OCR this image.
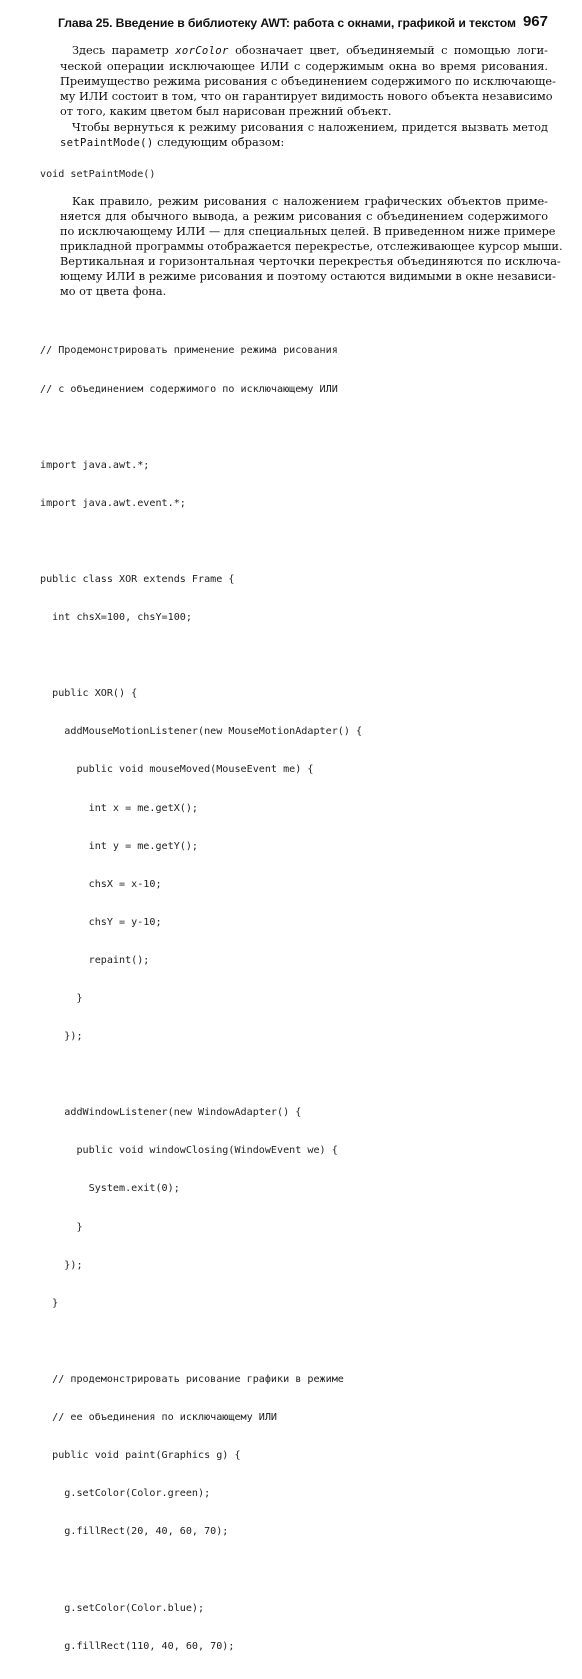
Глава 25. Введение в библиотеку AWT: работа с окнами, графикой и текстом 967
Здесь параметр xorColor обозначает цвет, объединяемый с помощью логи-
ческой операции исключающее ИЛИ с содержимым окна во время рисования.
Преимущество режима рисования с объединением содержимого по исключающе-
му ИЛИ состоит в том, что он гарантирует видимость нового объекта независимо
от того, каким цветом был нарисован прежний объект.
Чтобы вернуться к режиму рисования с наложением, придется вызвать метод
setPaintMode() следующим образом:
void setPaintMode()
Как правило, режим рисования с наложением графических объектов приме-
няется для обычного вывода, а режим рисования с объединением содержимого
по исключающему ИЛИ — для специальных целей. В приведенном ниже примере
прикладной программы отображается перекрестье, отслеживающее курсор мыши.
Вертикальная и горизонтальная черточки перекрестья объединяются по исключа-
ющему ИЛИ в режиме рисования и поэтому остаются видимыми в окне независи-
мо от цвета фона.

// Продемонстрировать применение режима рисования

// с объединением содержимого по исключающему ИЛИ

import java.awt.*;

import java.awt.event.*;

public class XOR extends Frame {

int chsX=100, chsY=100;

public XOR() {

addMouseMotionListener(new MouseMotionAdapter() {

public void mouseMoved(MouseEvent me) {

int x = me.getX();

int y = me.getY();

chsX = x-10;

chsY = y-10;

repaint();

}

});

addWindowListener(new WindowAdapter() {

public void windowClosing(WindowEvent we) {

System.exit(0);

}

});

}

// продемонстрировать рисование графики в режиме

// ее объединения по исключающему ИЛИ

public void paint(Graphics g) {

g.setColor(Color.green);

g.fillRect(20, 40, 60, 70);

g.setColor(Color.blue);

g.fillRect(110, 40, 60, 70);
